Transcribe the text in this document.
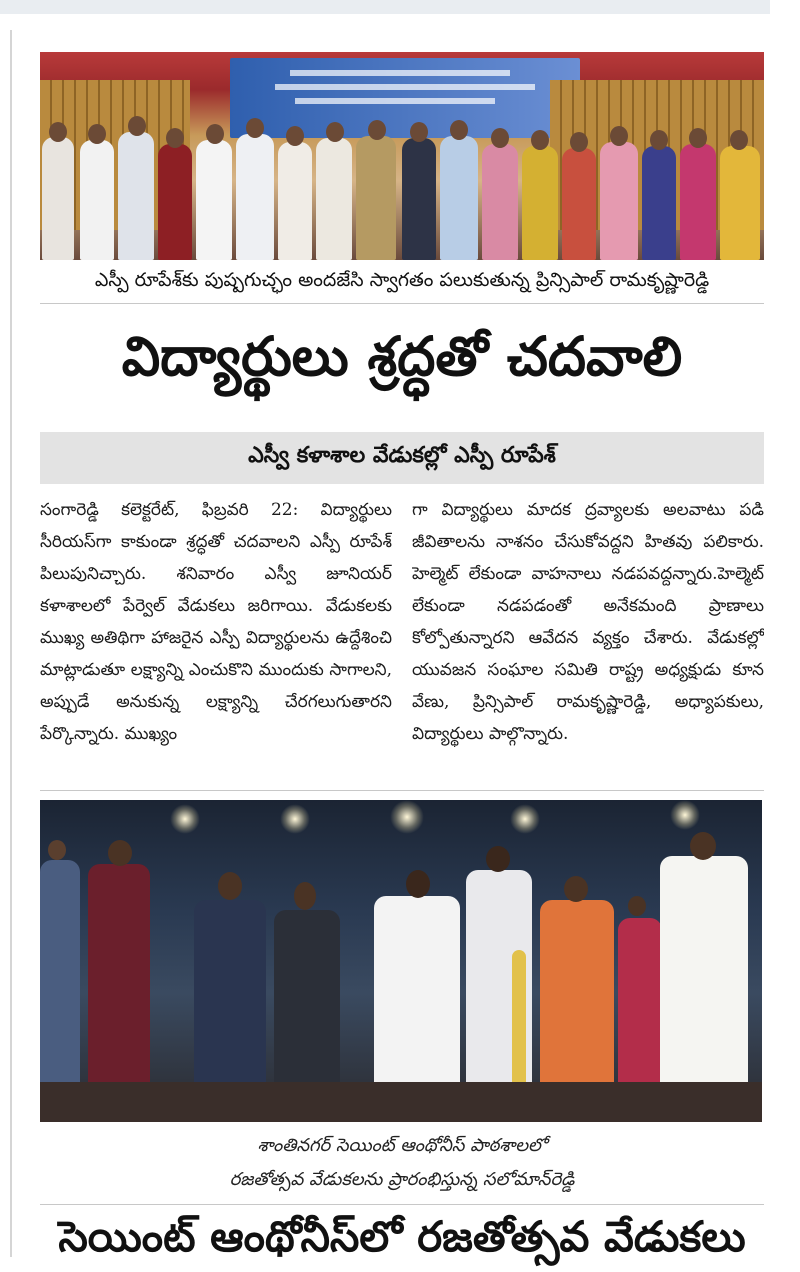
ఎస్పీ రూపేశ్‌కు పుష్పగుచ్ఛం అందజేసి స్వాగతం పలుకుతున్న ప్రిన్సిపాల్ రామకృష్ణారెడ్డి
విద్యార్థులు శ్రద్ధతో చదవాలి
ఎస్వీ కళాశాల వేడుకల్లో ఎస్పీ రూపేశ్
సంగారెడ్డి కలెక్టరేట్, ఫిబ్రవరి 22: విద్యార్థులు సీరియస్‌గా కాకుండా శ్రద్ధతో చదవాలని ఎస్పీ రూపేశ్ పిలుపునిచ్చారు. శనివారం ఎస్వీ జూనియర్ కళాశాలలో పేర్వెల్ వేడుకలు జరిగాయి. వేడుకలకు ముఖ్య అతిథిగా హాజరైన ఎస్పీ విద్యార్థులను ఉద్దేశించి మాట్లాడుతూ లక్ష్యాన్ని ఎంచుకొని ముందుకు సాగాలని, అప్పుడే అనుకున్న లక్ష్యాన్ని చేరగలుగుతారని పేర్కొన్నారు. ముఖ్యం
గా విద్యార్థులు మాదక ద్రవ్యాలకు అలవాటు పడి జీవితాలను నాశనం చేసుకోవద్దని హితవు పలికారు. హెల్మెట్ లేకుండా వాహనాలు నడపవద్దన్నారు.హెల్మెట్ లేకుండా నడపడంతో అనేకమంది ప్రాణాలు కోల్పోతున్నారని ఆవేదన వ్యక్తం చేశారు. వేడుకల్లో యువజన సంఘాల సమితి రాష్ట్ర అధ్యక్షుడు కూన వేణు, ప్రిన్సిపాల్ రామకృష్ణారెడ్డి, అధ్యాపకులు, విద్యార్థులు పాల్గొన్నారు.
శాంతినగర్ సెయింట్ ఆంథోనీస్ పాఠశాలలో
రజతోత్సవ వేడుకలను ప్రారంభిస్తున్న సలోమాన్‌రెడ్డి
సెయింట్ ఆంథోనీస్‌లో రజతోత్సవ వేడుకలు
